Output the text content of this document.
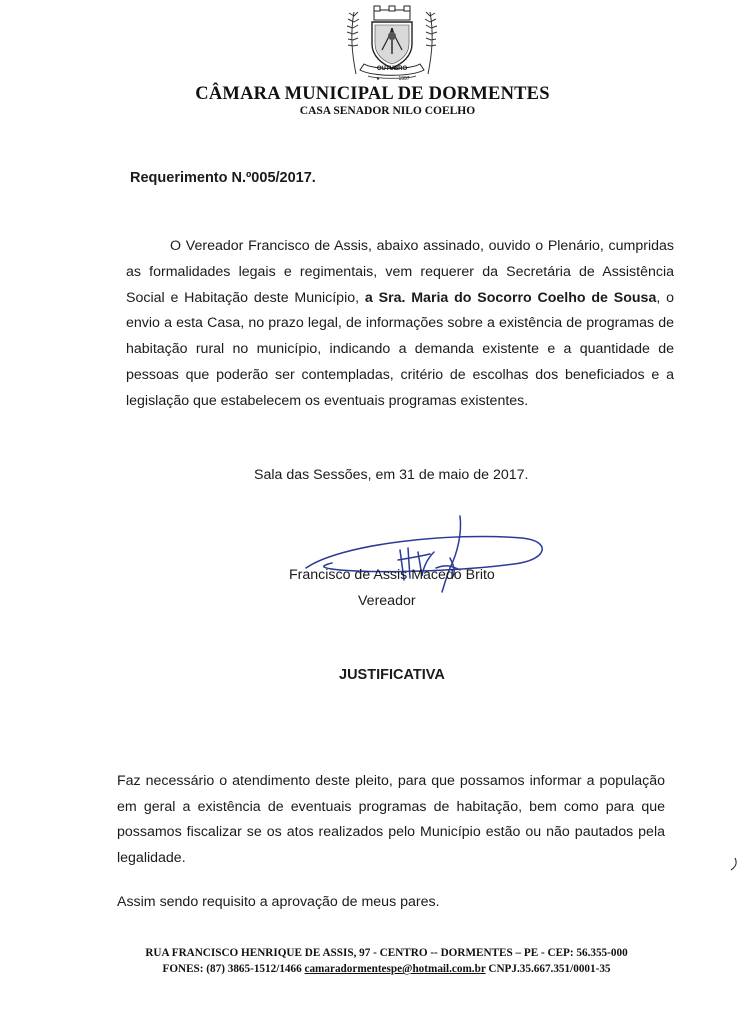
OUTUBRO
1997
★
CÂMARA MUNICIPAL DE DORMENTES
CASA SENADOR NILO COELHO
Requerimento N.º005/2017.
O Vereador Francisco de Assis, abaixo assinado, ouvido o Plenário, cumpridas as formalidades legais e regimentais, vem requerer da Secretária de Assistência Social e Habitação deste Município, a Sra. Maria do Socorro Coelho de Sousa, o envio a esta Casa, no prazo legal, de informações sobre a existência de programas de habitação rural no município, indicando a demanda existente e a quantidade de pessoas que poderão ser contempladas, critério de escolhas dos beneficiados e a legislação que estabelecem os eventuais programas existentes.
Sala das Sessões, em 31 de maio de 2017.
Francisco de Assis Macedo Brito
Vereador
JUSTIFICATIVA
Faz necessário o atendimento deste pleito, para que possamos informar a população em geral a existência de eventuais programas de habitação, bem como para que possamos fiscalizar se os atos realizados pelo Município estão ou não pautados pela legalidade.
Assim sendo requisito a aprovação de meus pares.
RUA FRANCISCO HENRIQUE DE ASSIS, 97 - CENTRO -- DORMENTES – PE - CEP: 56.355-000
FONES: (87) 3865-1512/1466 camaradormentespe@hotmail.com.br CNPJ.35.667.351/0001-35
